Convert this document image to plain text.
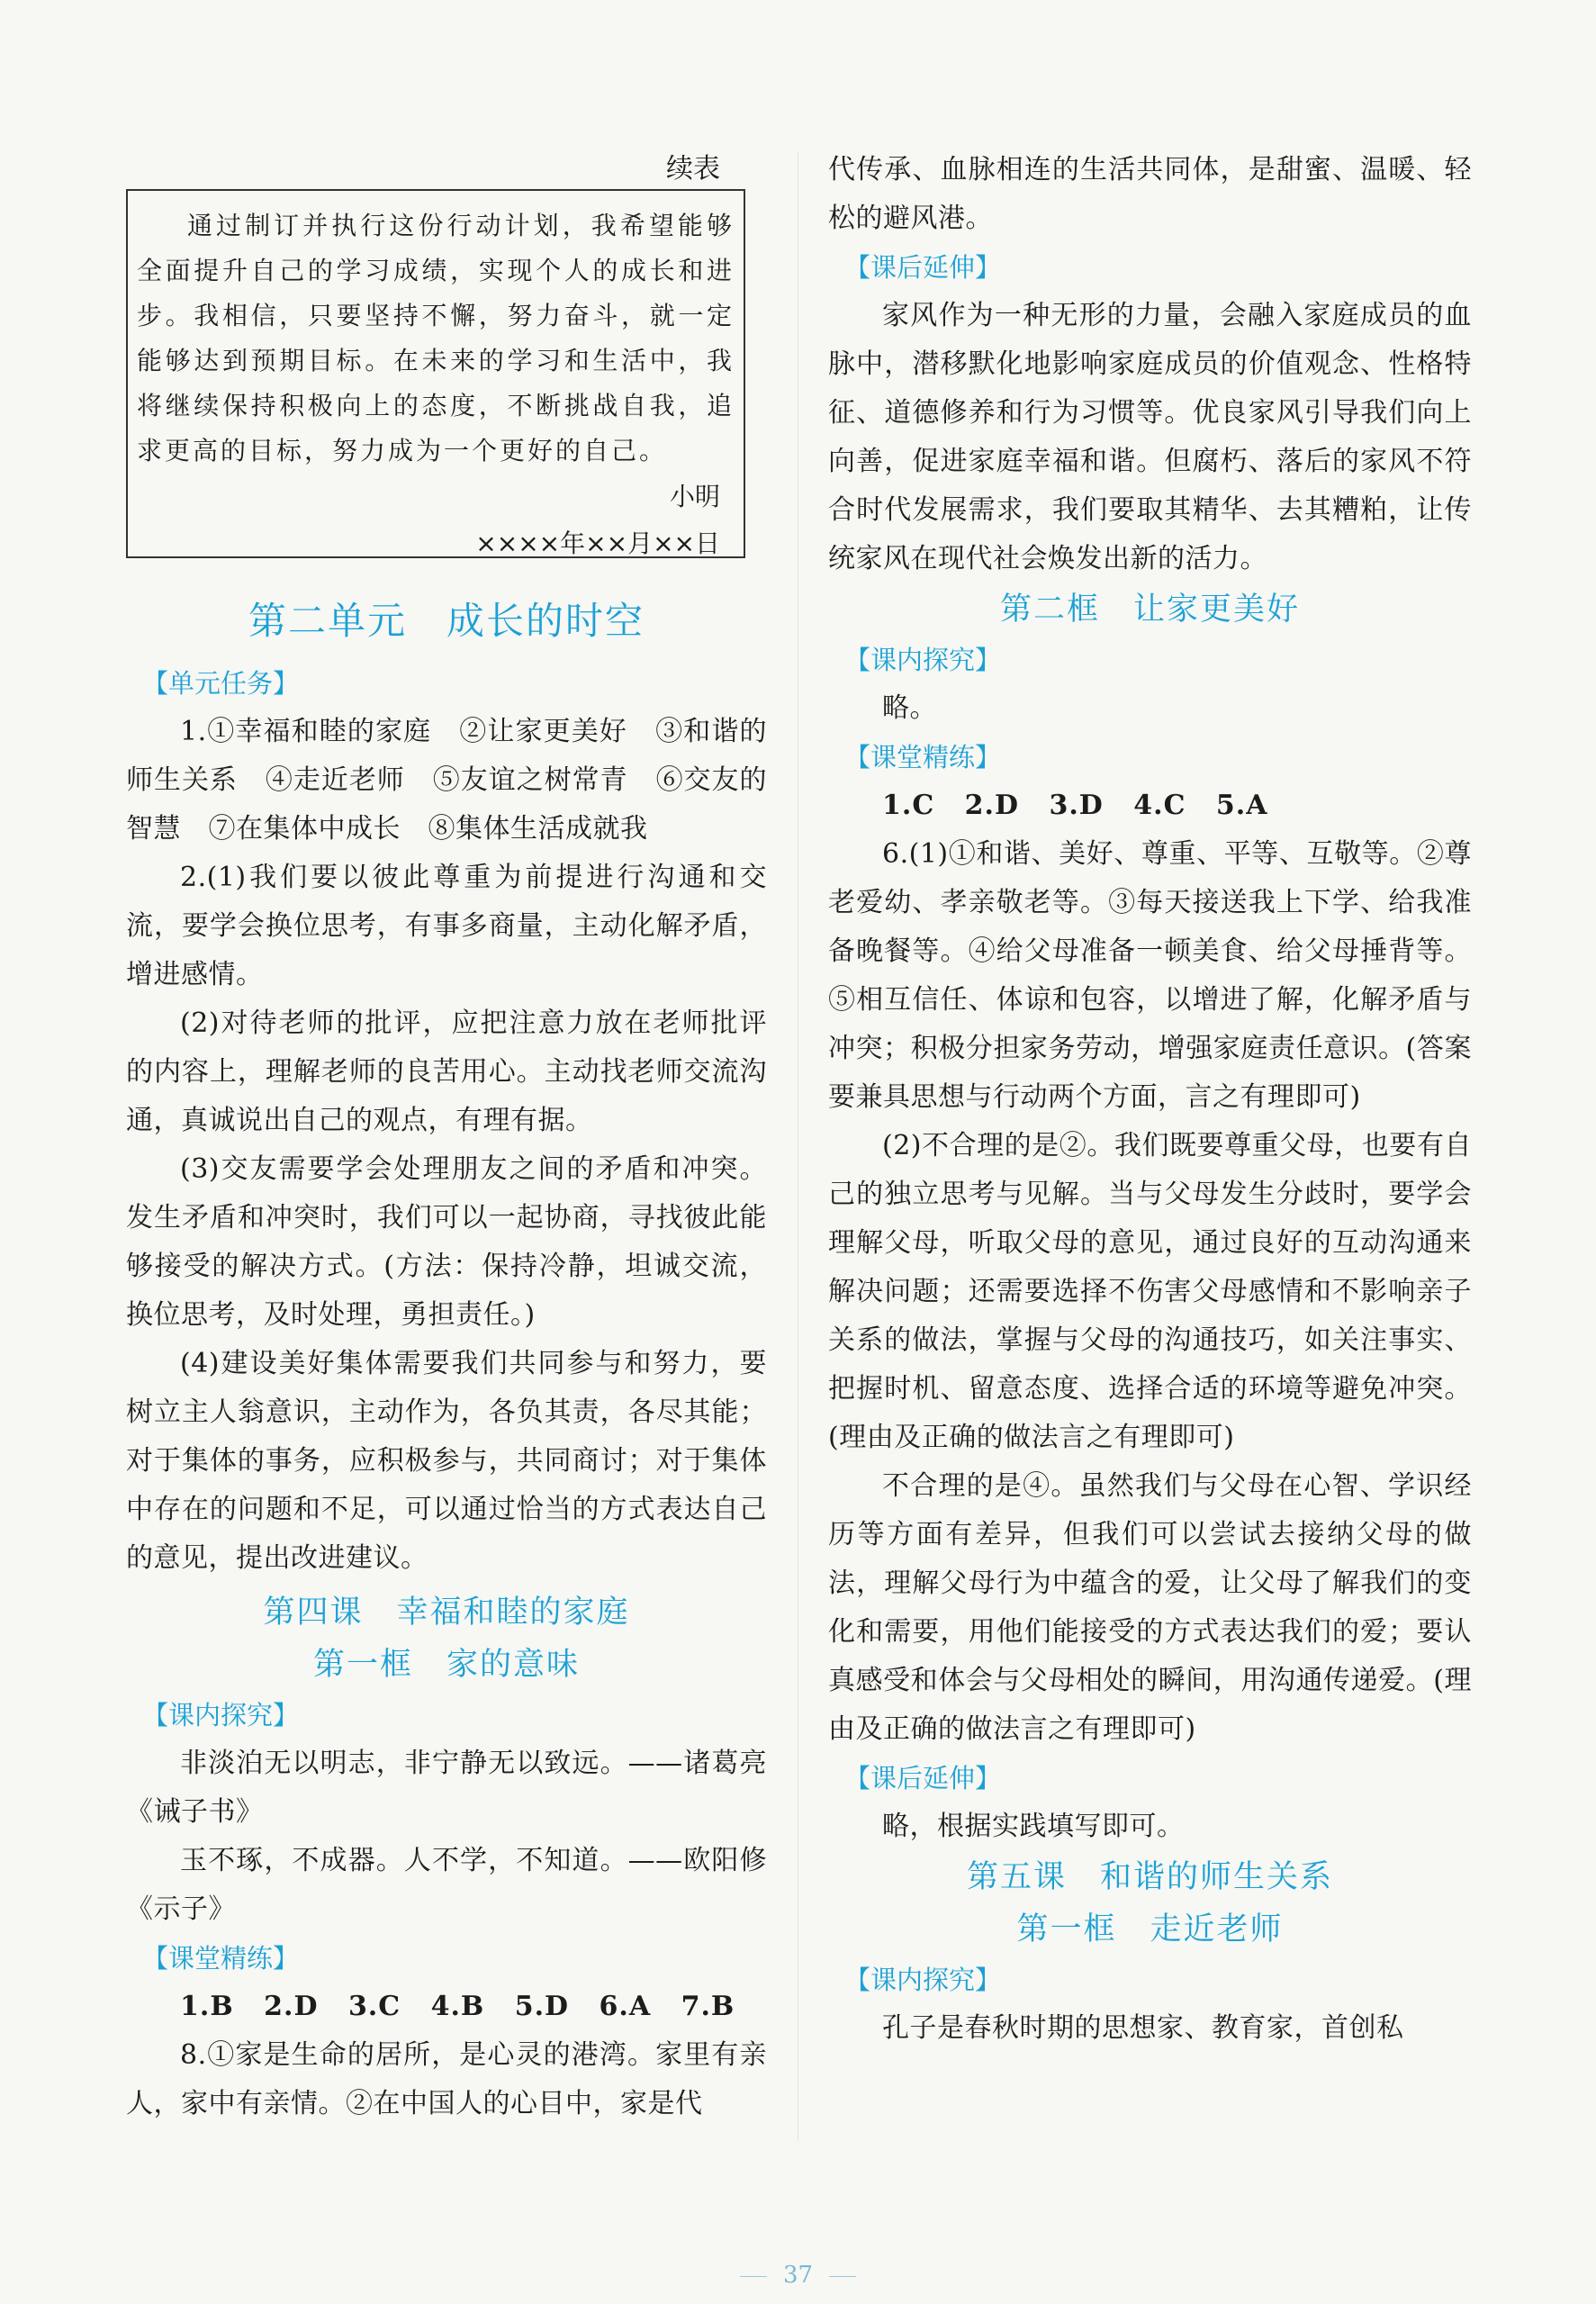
续表

通过制订并执行这份行动计划，我希望能够全面提升自己的学习成绩，实现个人的成长和进步。我相信，只要坚持不懈，努力奋斗，就一定能够达到预期目标。在未来的学习和生活中，我将继续保持积极向上的态度，不断挑战自我，追求更高的目标，努力成为一个更好的自己。

小明
××××年××月××日
第二单元　成长的时空
【单元任务】

1.①幸福和睦的家庭　②让家更美好　③和谐的师生关系　④走近老师　⑤友谊之树常青　⑥交友的智慧　⑦在集体中成长　⑧集体生活成就我

2.(1)我们要以彼此尊重为前提进行沟通和交流，要学会换位思考，有事多商量，主动化解矛盾，增进感情。

(2)对待老师的批评，应把注意力放在老师批评的内容上，理解老师的良苦用心。主动找老师交流沟通，真诚说出自己的观点，有理有据。

(3)交友需要学会处理朋友之间的矛盾和冲突。发生矛盾和冲突时，我们可以一起协商，寻找彼此能够接受的解决方式。(方法：保持冷静，坦诚交流，换位思考，及时处理，勇担责任。)

(4)建设美好集体需要我们共同参与和努力，要树立主人翁意识，主动作为，各负其责，各尽其能；对于集体的事务，应积极参与，共同商讨；对于集体中存在的问题和不足，可以通过恰当的方式表达自己的意见，提出改进建议。

第四课　幸福和睦的家庭
第一框　家的意味
【课内探究】

非淡泊无以明志，非宁静无以致远。——诸葛亮《诫子书》

玉不琢，不成器。人不学，不知道。——欧阳修《示子》

【课堂精练】
1.B 2.D 3.C 4.B 5.D 6.A 7.B

8.①家是生命的居所，是心灵的港湾。家里有亲人，家中有亲情。②在中国人的心目中，家是代

代传承、血脉相连的生活共同体，是甜蜜、温暖、轻松的避风港。

【课后延伸】

家风作为一种无形的力量，会融入家庭成员的血脉中，潜移默化地影响家庭成员的价值观念、性格特征、道德修养和行为习惯等。优良家风引导我们向上向善，促进家庭幸福和谐。但腐朽、落后的家风不符合时代发展需求，我们要取其精华、去其糟粕，让传统家风在现代社会焕发出新的活力。

第二框　让家更美好
【课内探究】

略。

【课堂精练】
1.C 2.D 3.D 4.C 5.A

6.(1)①和谐、美好、尊重、平等、互敬等。②尊老爱幼、孝亲敬老等。③每天接送我上下学、给我准备晚餐等。④给父母准备一顿美食、给父母捶背等。⑤相互信任、体谅和包容，以增进了解，化解矛盾与冲突；积极分担家务劳动，增强家庭责任意识。(答案要兼具思想与行动两个方面，言之有理即可)

(2)不合理的是②。我们既要尊重父母，也要有自己的独立思考与见解。当与父母发生分歧时，要学会理解父母，听取父母的意见，通过良好的互动沟通来解决问题；还需要选择不伤害父母感情和不影响亲子关系的做法，掌握与父母的沟通技巧，如关注事实、把握时机、留意态度、选择合适的环境等避免冲突。(理由及正确的做法言之有理即可)

不合理的是④。虽然我们与父母在心智、学识经历等方面有差异，但我们可以尝试去接纳父母的做法，理解父母行为中蕴含的爱，让父母了解我们的变化和需要，用他们能接受的方式表达我们的爱；要认真感受和体会与父母相处的瞬间，用沟通传递爱。(理由及正确的做法言之有理即可)

【课后延伸】

略，根据实践填写即可。

第五课　和谐的师生关系
第一框　走近老师
【课内探究】

孔子是春秋时期的思想家、教育家，首创私

37
